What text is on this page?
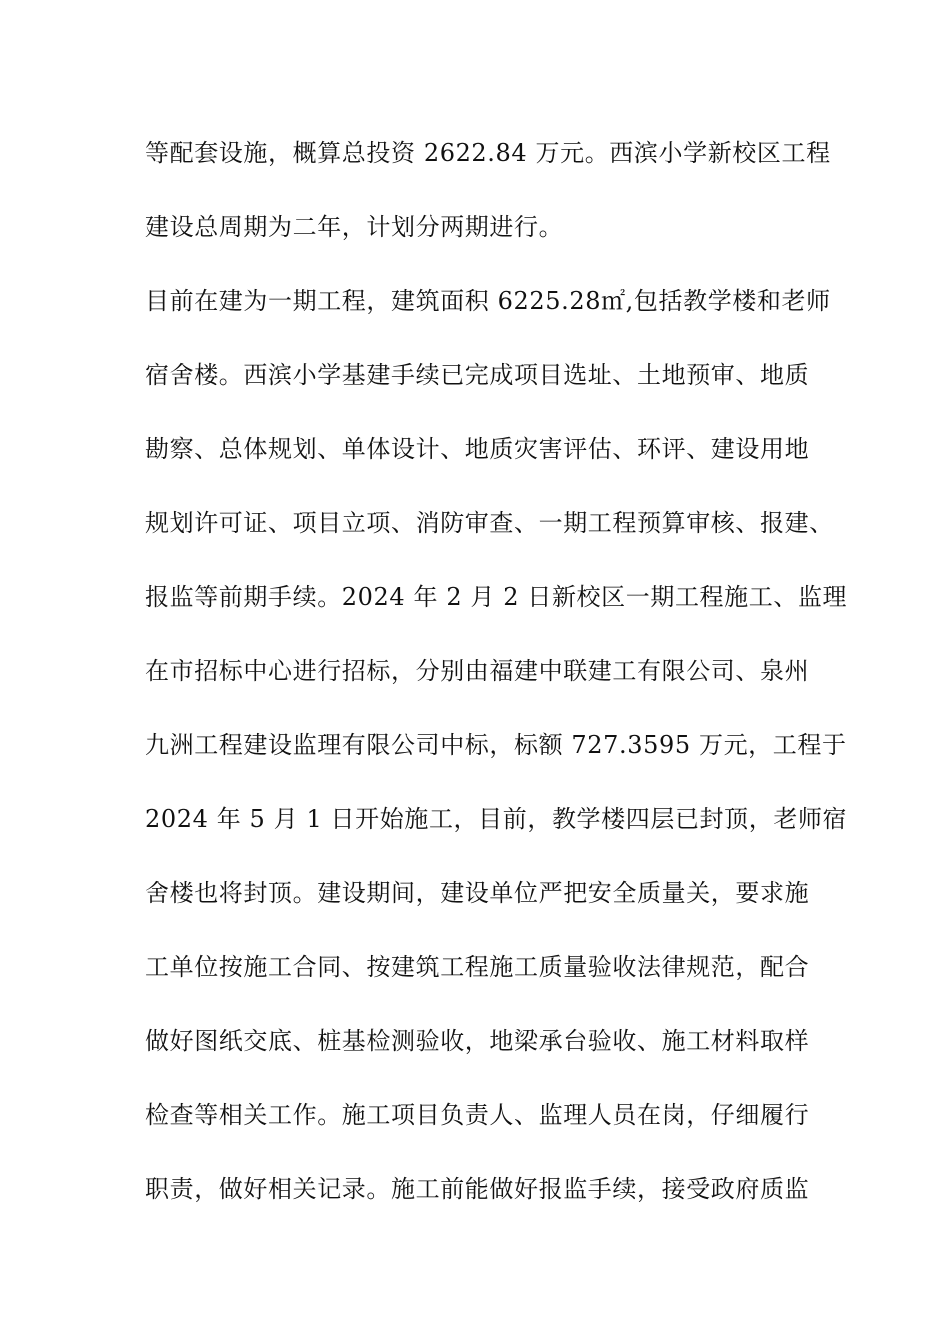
等配套设施，概算总投资 2622.84 万元。西滨小学新校区工程
建设总周期为二年，计划分两期进行。
目前在建为一期工程，建筑面积 6225.28㎡,包括教学楼和老师
宿舍楼。西滨小学基建手续已完成项目选址、土地预审、地质
勘察、总体规划、单体设计、地质灾害评估、环评、建设用地
规划许可证、项目立项、消防审查、一期工程预算审核、报建、
报监等前期手续。2024 年 2 月 2 日新校区一期工程施工、监理
在市招标中心进行招标，分别由福建中联建工有限公司、泉州
九洲工程建设监理有限公司中标，标额 727.3595 万元，工程于
2024 年 5 月 1 日开始施工，目前，教学楼四层已封顶，老师宿
舍楼也将封顶。建设期间，建设单位严把安全质量关，要求施
工单位按施工合同、按建筑工程施工质量验收法律规范，配合
做好图纸交底、桩基检测验收，地梁承台验收、施工材料取样
检查等相关工作。施工项目负责人、监理人员在岗，仔细履行
职责，做好相关记录。施工前能做好报监手续，接受政府质监
